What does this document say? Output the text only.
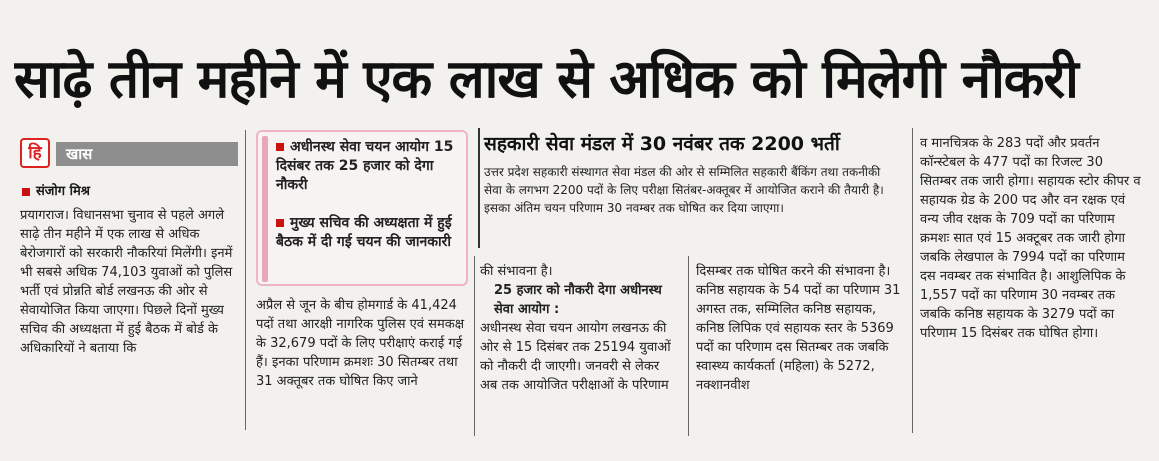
साढ़े तीन महीने में एक लाख से अधिक को मिलेगी नौकरी
हि	खास
संजोग मिश्र

प्रयागराज। विधानसभा चुनाव से पहले अगले साढ़े तीन महीने में एक लाख से अधिक बेरोजगारों को सरकारी नौकरियां मिलेंगी। इनमें भी सबसे अधिक 74,103 युवाओं को पुलिस भर्ती एवं प्रोन्नति बोर्ड लखनऊ की ओर से सेवायोजित किया जाएगा। पिछले दिनों मुख्य सचिव की अध्यक्षता में हुई बैठक में बोर्ड के अधिकारियों ने बताया कि

अधीनस्थ सेवा चयन आयोग 15 दिसंबर तक 25 हजार को देगा नौकरी
मुख्य सचिव की अध्यक्षता में हुई बैठक में दी गई चयन की जानकारी

अप्रैल से जून के बीच होमगार्ड के 41,424 पदों तथा आरक्षी नागरिक पुलिस एवं समकक्ष के 32,679 पदों के लिए परीक्षाएं कराई गई हैं। इनका परिणाम क्रमशः 30 सितम्बर तथा 31 अक्तूबर तक घोषित किए जाने

सहकारी सेवा मंडल में 30 नवंबर तक 2200 भर्ती
उत्तर प्रदेश सहकारी संस्थागत सेवा मंडल की ओर से सम्मिलित सहकारी बैंकिंग तथा तकनीकी सेवा के लगभग 2200 पदों के लिए परीक्षा सितंबर-अक्तूबर में आयोजित कराने की तैयारी है। इसका अंतिम चयन परिणाम 30 नवम्बर तक घोषित कर दिया जाएगा।

की संभावना है।

25 हजार को नौकरी देगा अधीनस्थ सेवा आयोग :

अधीनस्थ सेवा चयन आयोग लखनऊ की ओर से 15 दिसंबर तक 25194 युवाओं को नौकरी दी जाएगी। जनवरी से लेकर अब तक आयोजित परीक्षाओं के परिणाम

दिसम्बर तक घोषित करने की संभावना है। कनिष्ठ सहायक के 54 पदों का परिणाम 31 अगस्त तक, सम्मिलित कनिष्ठ सहायक, कनिष्ठ लिपिक एवं सहायक स्तर के 5369 पदों का परिणाम दस सितम्बर तक जबकि स्वास्थ्य कार्यकर्ता (महिला) के 5272, नक्शानवीश

व मानचित्रक के 283 पदों और प्रवर्तन कॉन्स्टेबल के 477 पदों का रिजल्ट 30 सितम्बर तक जारी होगा। सहायक स्टोर कीपर व सहायक ग्रेड के 200 पद और वन रक्षक एवं वन्य जीव रक्षक के 709 पदों का परिणाम क्रमशः सात एवं 15 अक्टूबर तक जारी होगा जबकि लेखपाल के 7994 पदों का परिणाम दस नवम्बर तक संभावित है। आशुलिपिक के 1,557 पदों का परिणाम 30 नवम्बर तक जबकि कनिष्ठ सहायक के 3279 पदों का परिणाम 15 दिसंबर तक घोषित होगा।
